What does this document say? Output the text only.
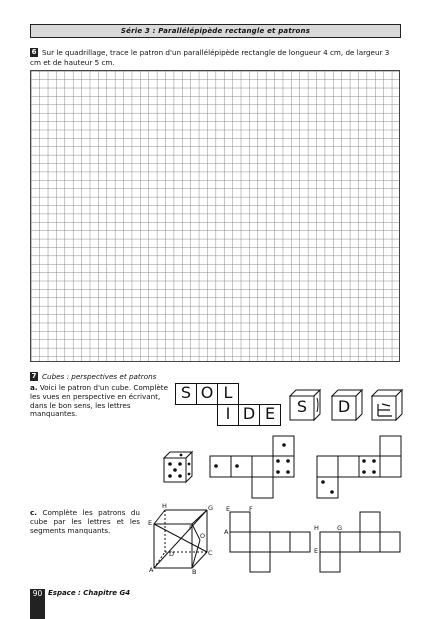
Série 3 : Parallélépipède rectangle et patrons
6 Sur le quadrillage, trace le patron d'un parallélépipède rectangle de longueur 4 cm, de largeur 3 cm et de hauteur 5 cm.
7 Cubes : perspectives et patrons
a. Voici le patron d'un cube. Complète les vues en perspective en écrivant, dans le bon sens, les lettres manquantes.
S O L
I D E	S	D
c. Complète les patrons du cube par les lettres et les segments manquants.
H	G
E
F
D	C
A	B
O
E	F
A	H	G
E
90 Espace : Chapitre G4
